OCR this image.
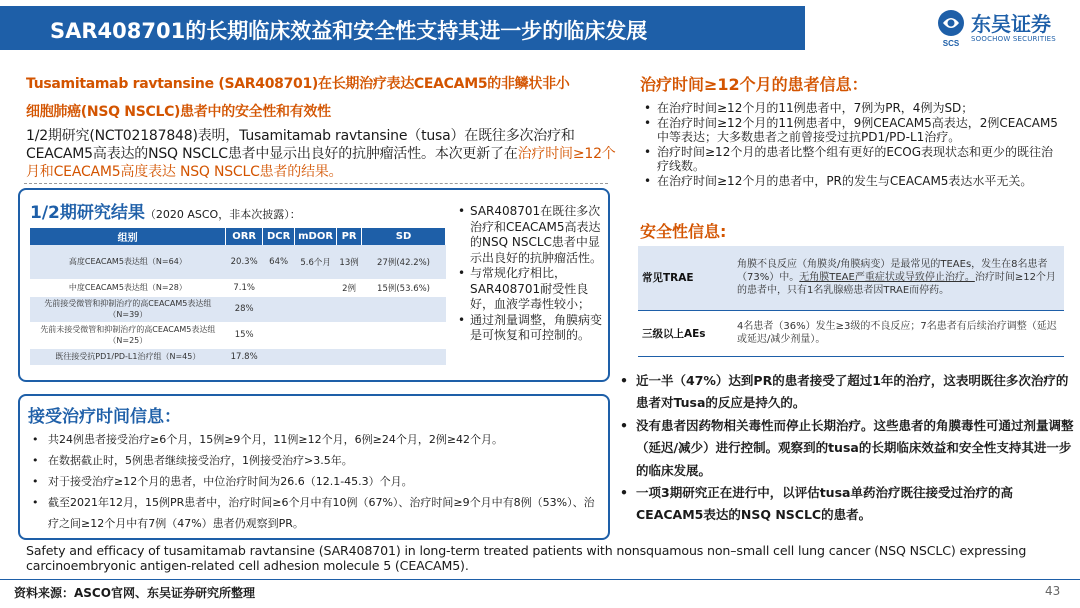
SAR408701的长期临床效益和安全性支持其进一步的临床发展
SCS
东吴证券
SOOCHOW SECURITIES
Tusamitamab ravtansine (SAR408701)在长期治疗表达CEACAM5的非鳞状非小
细胞肺癌(NSQ NSCLC)患者中的安全性和有效性
1/2期研究(NCT02187848)表明，Tusamitamab ravtansine（tusa）在既往多次治疗和CEACAM5高表达的NSQ NSCLC患者中显示出良好的抗肿瘤活性。本次更新了在治疗时间≥12个月和CEACAM5高度表达 NSQ NSCLC患者的结果。
1/2期研究结果（2020 ASCO，非本次披露）：
组别	ORR	DCR	mDOR	PR	SD
高度CEACAM5表达组（N=64）	20.3%	64%	5.6个月	13例	27例(42.2%)
中度CEACAM5表达组（N=28）	7.1%			2例	15例(53.6%)
先前接受微管和抑制治疗的高CEACAM5表达组（N=39）	28%				
先前未接受微管和抑制治疗的高CEACAM5表达组（N=25）	15%				
既往接受抗PD1/PD-L1治疗组（N=45）	17.8%				
• SAR408701在既往多次治疗和CEACAM5高表达的NSQ NSCLC患者中显示出良好的抗肿瘤活性。
• 与常规化疗相比，SAR408701耐受性良好，血液学毒性较小；
• 通过剂量调整，角膜病变是可恢复和可控制的。
接受治疗时间信息：
• 共24例患者接受治疗≥6个月，15例≥9个月，11例≥12个月，6例≥24个月，2例≥42个月。
• 在数据截止时，5例患者继续接受治疗，1例接受治疗>3.5年。
• 对于接受治疗≥12个月的患者，中位治疗时间为26.6（12.1-45.3）个月。
• 截至2021年12月，15例PR患者中，治疗时间≥6个月中有10例（67%）、治疗时间≥9个月中有8例（53%）、治疗之间≥12个月中有7例（47%）患者仍观察到PR。
治疗时间≥12个月的患者信息：
• 在治疗时间≥12个月的11例患者中，7例为PR，4例为SD；
• 在治疗时间≥12个月的11例患者中，9例CEACAM5高表达，2例CEACAM5中等表达；大多数患者之前曾接受过抗PD1/PD-L1治疗。
• 治疗时间≥12个月的患者比整个组有更好的ECOG表现状态和更少的既往治疗线数。
• 在治疗时间≥12个月的患者中，PR的发生与CEACAM5表达水平无关。
安全性信息:
常见TRAE	角膜不良反应（角膜炎/角膜病变）是最常见的TEAEs，发生在8名患者（73%）中。无角膜TEAE严重症状或导致停止治疗。治疗时间≥12个月的患者中，只有1名乳腺癌患者因TRAE而停药。
三级以上AEs	4名患者（36%）发生≥3级的不良反应；7名患者有后续治疗调整（延迟或延迟/减少剂量）。
• 近一半（47%）达到PR的患者接受了超过1年的治疗，这表明既往多次治疗的患者对Tusa的反应是持久的。
• 没有患者因药物相关毒性而停止长期治疗。这些患者的角膜毒性可通过剂量调整（延迟/减少）进行控制。观察到的tusa的长期临床效益和安全性支持其进一步的临床发展。
• 一项3期研究正在进行中，以评估tusa单药治疗既往接受过治疗的高CEACAM5表达的NSQ NSCLC的患者。
Safety and efficacy of tusamitamab ravtansine (SAR408701) in long-term treated patients with nonsquamous non–small cell lung cancer (NSQ NSCLC) expressing carcinoembryonic antigen-related cell adhesion molecule 5 (CEACAM5).
资料来源：ASCO官网、东吴证券研究所整理	43
